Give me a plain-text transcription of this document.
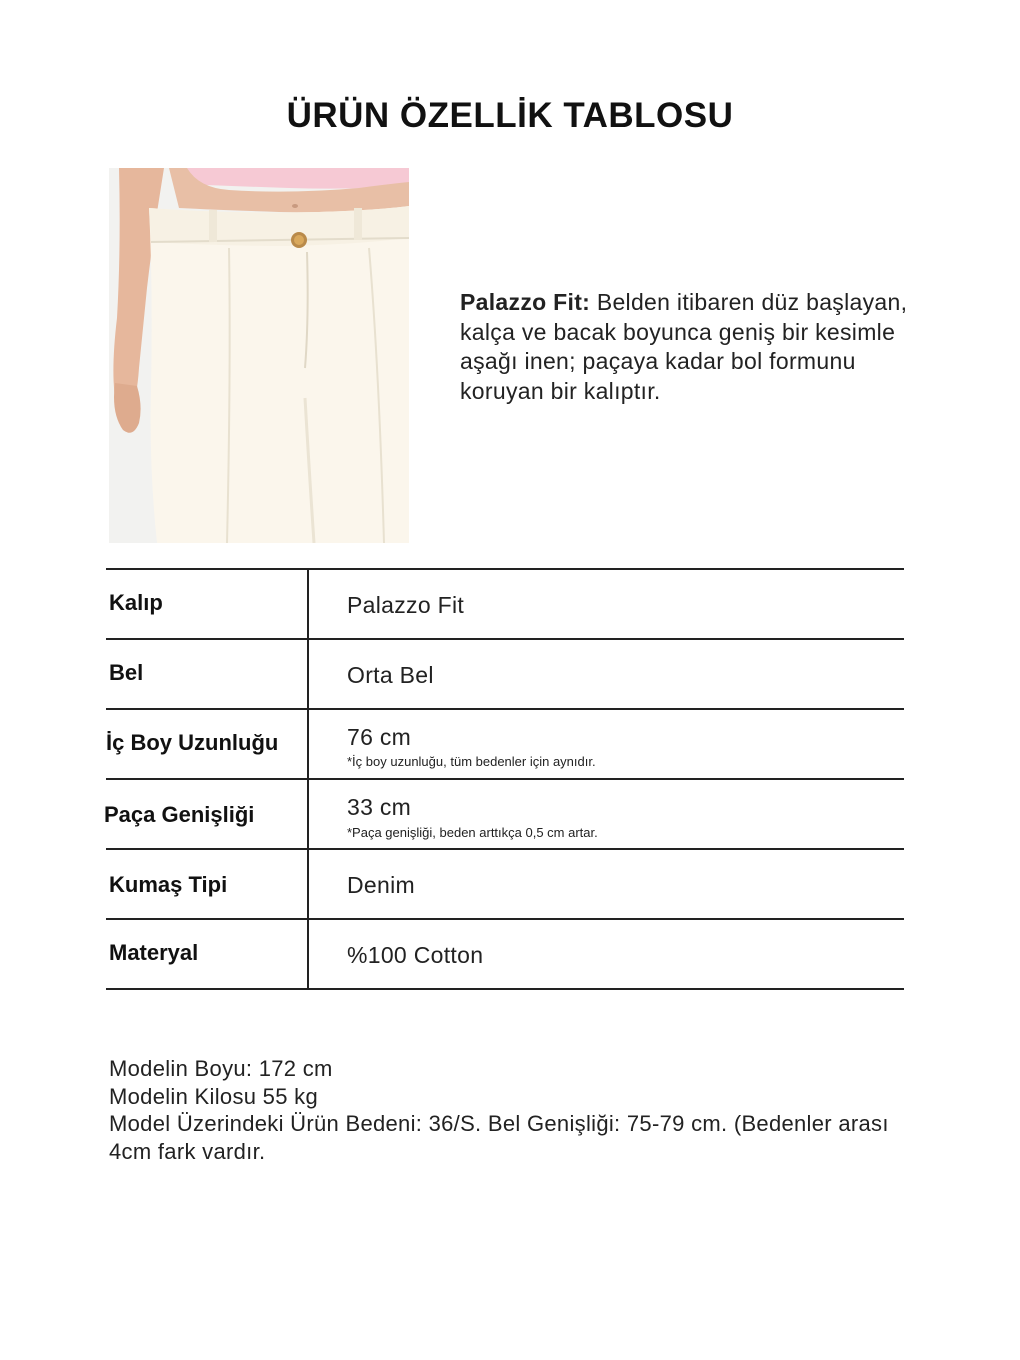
ÜRÜN ÖZELLİK TABLOSU
Palazzo Fit: Belden itibaren düz başlayan, kalça ve bacak boyunca geniş bir kesimle aşağı inen; paçaya kadar bol formunu koruyan bir kalıptır.
Kalıp	Palazzo Fit
Bel	Orta Bel
İç Boy Uzunluğu	76 cm
*İç boy uzunluğu, tüm bedenler için aynıdır.
Paça Genişliği	33 cm
*Paça genişliği, beden arttıkça 0,5 cm artar.
Kumaş Tipi	Denim
Materyal	%100 Cotton
Modelin Boyu: 172 cm
Modelin Kilosu 55 kg
Model Üzerindeki Ürün Bedeni: 36/S. Bel Genişliği: 75-79 cm. (Bedenler arası 4cm fark vardır.
